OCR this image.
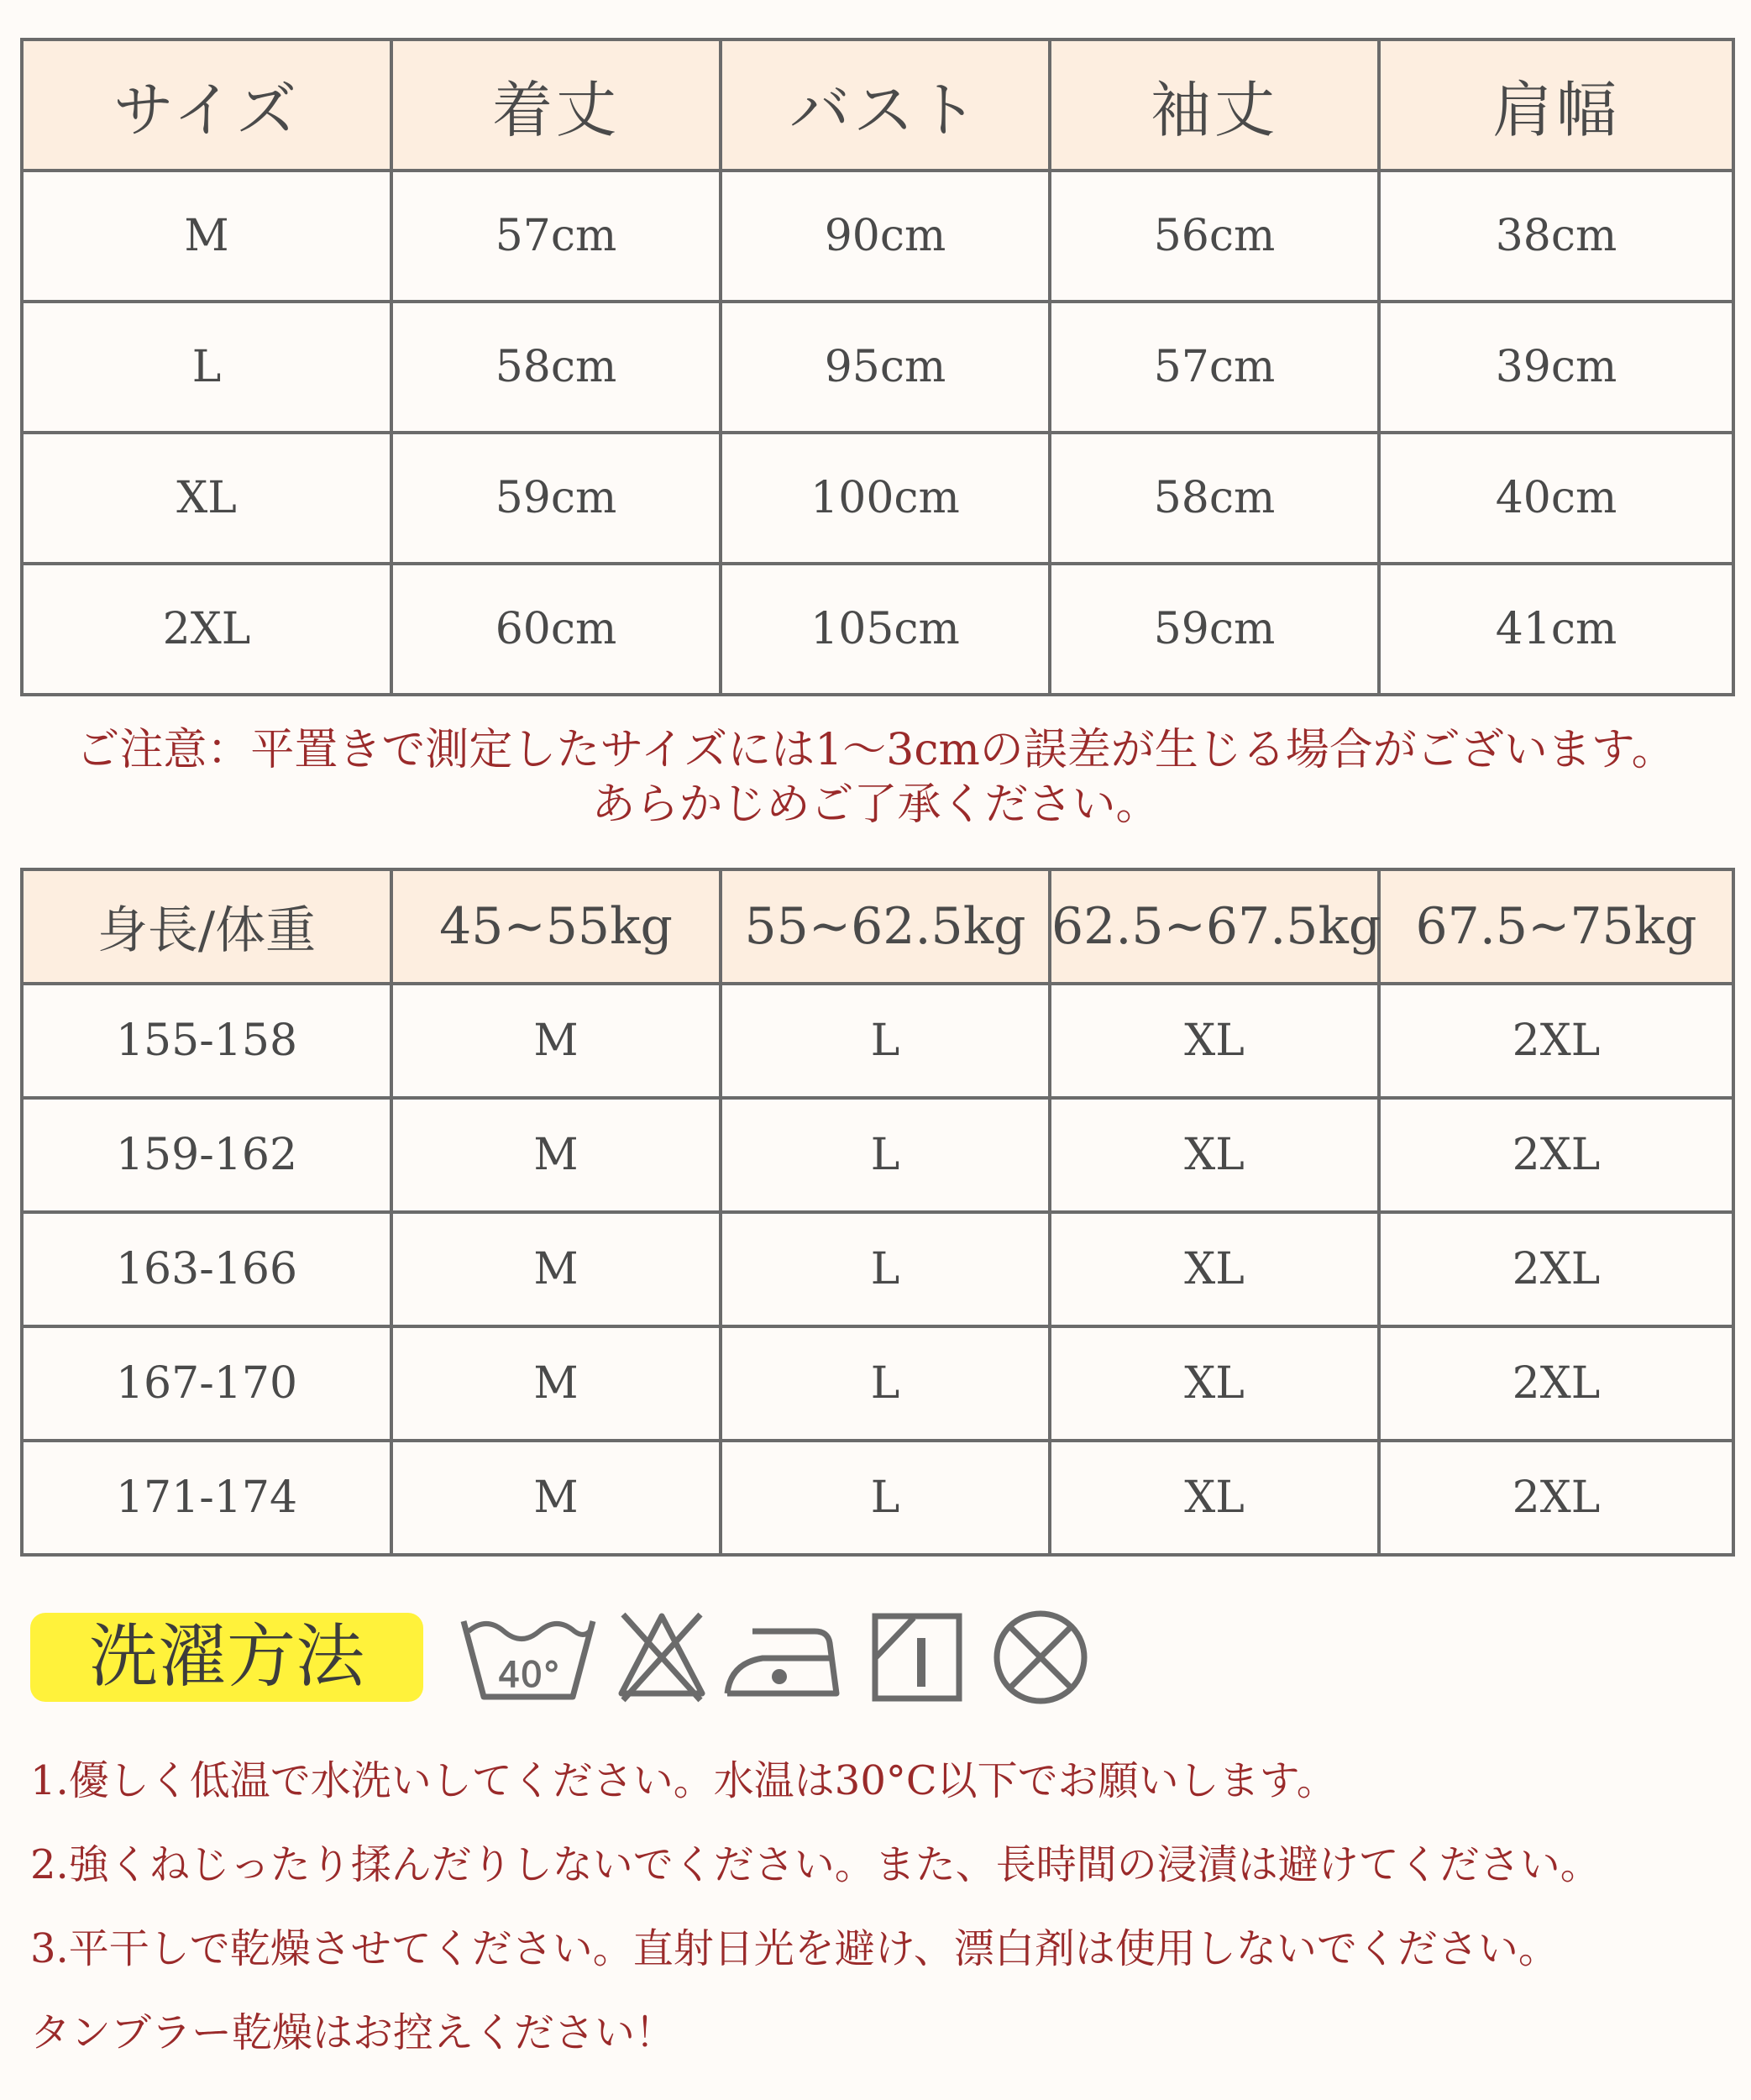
サイズ	着丈	バスト	袖丈	肩幅
M	57cm	90cm	56cm	38cm
L	58cm	95cm	57cm	39cm
XL	59cm	100cm	58cm	40cm
2XL	60cm	105cm	59cm	41cm
ご注意：平置きで測定したサイズには1～3cmの誤差が生じる場合がございます。
あらかじめご了承ください。
身長/体重	45~55kg	55~62.5kg	62.5~67.5kg	67.5~75kg
155-158	M	L	XL	2XL
159-162	M	L	XL	2XL
163-166	M	L	XL	2XL
167-170	M	L	XL	2XL
171-174	M	L	XL	2XL
洗濯方法	40°
1.優しく低温で水洗いしてください。水温は30°C以下でお願いします。
2.強くねじったり揉んだりしないでください。また、長時間の浸漬は避けてください。
3.平干しで乾燥させてください。直射日光を避け、漂白剤は使用しないでください。
タンブラー乾燥はお控えください！
